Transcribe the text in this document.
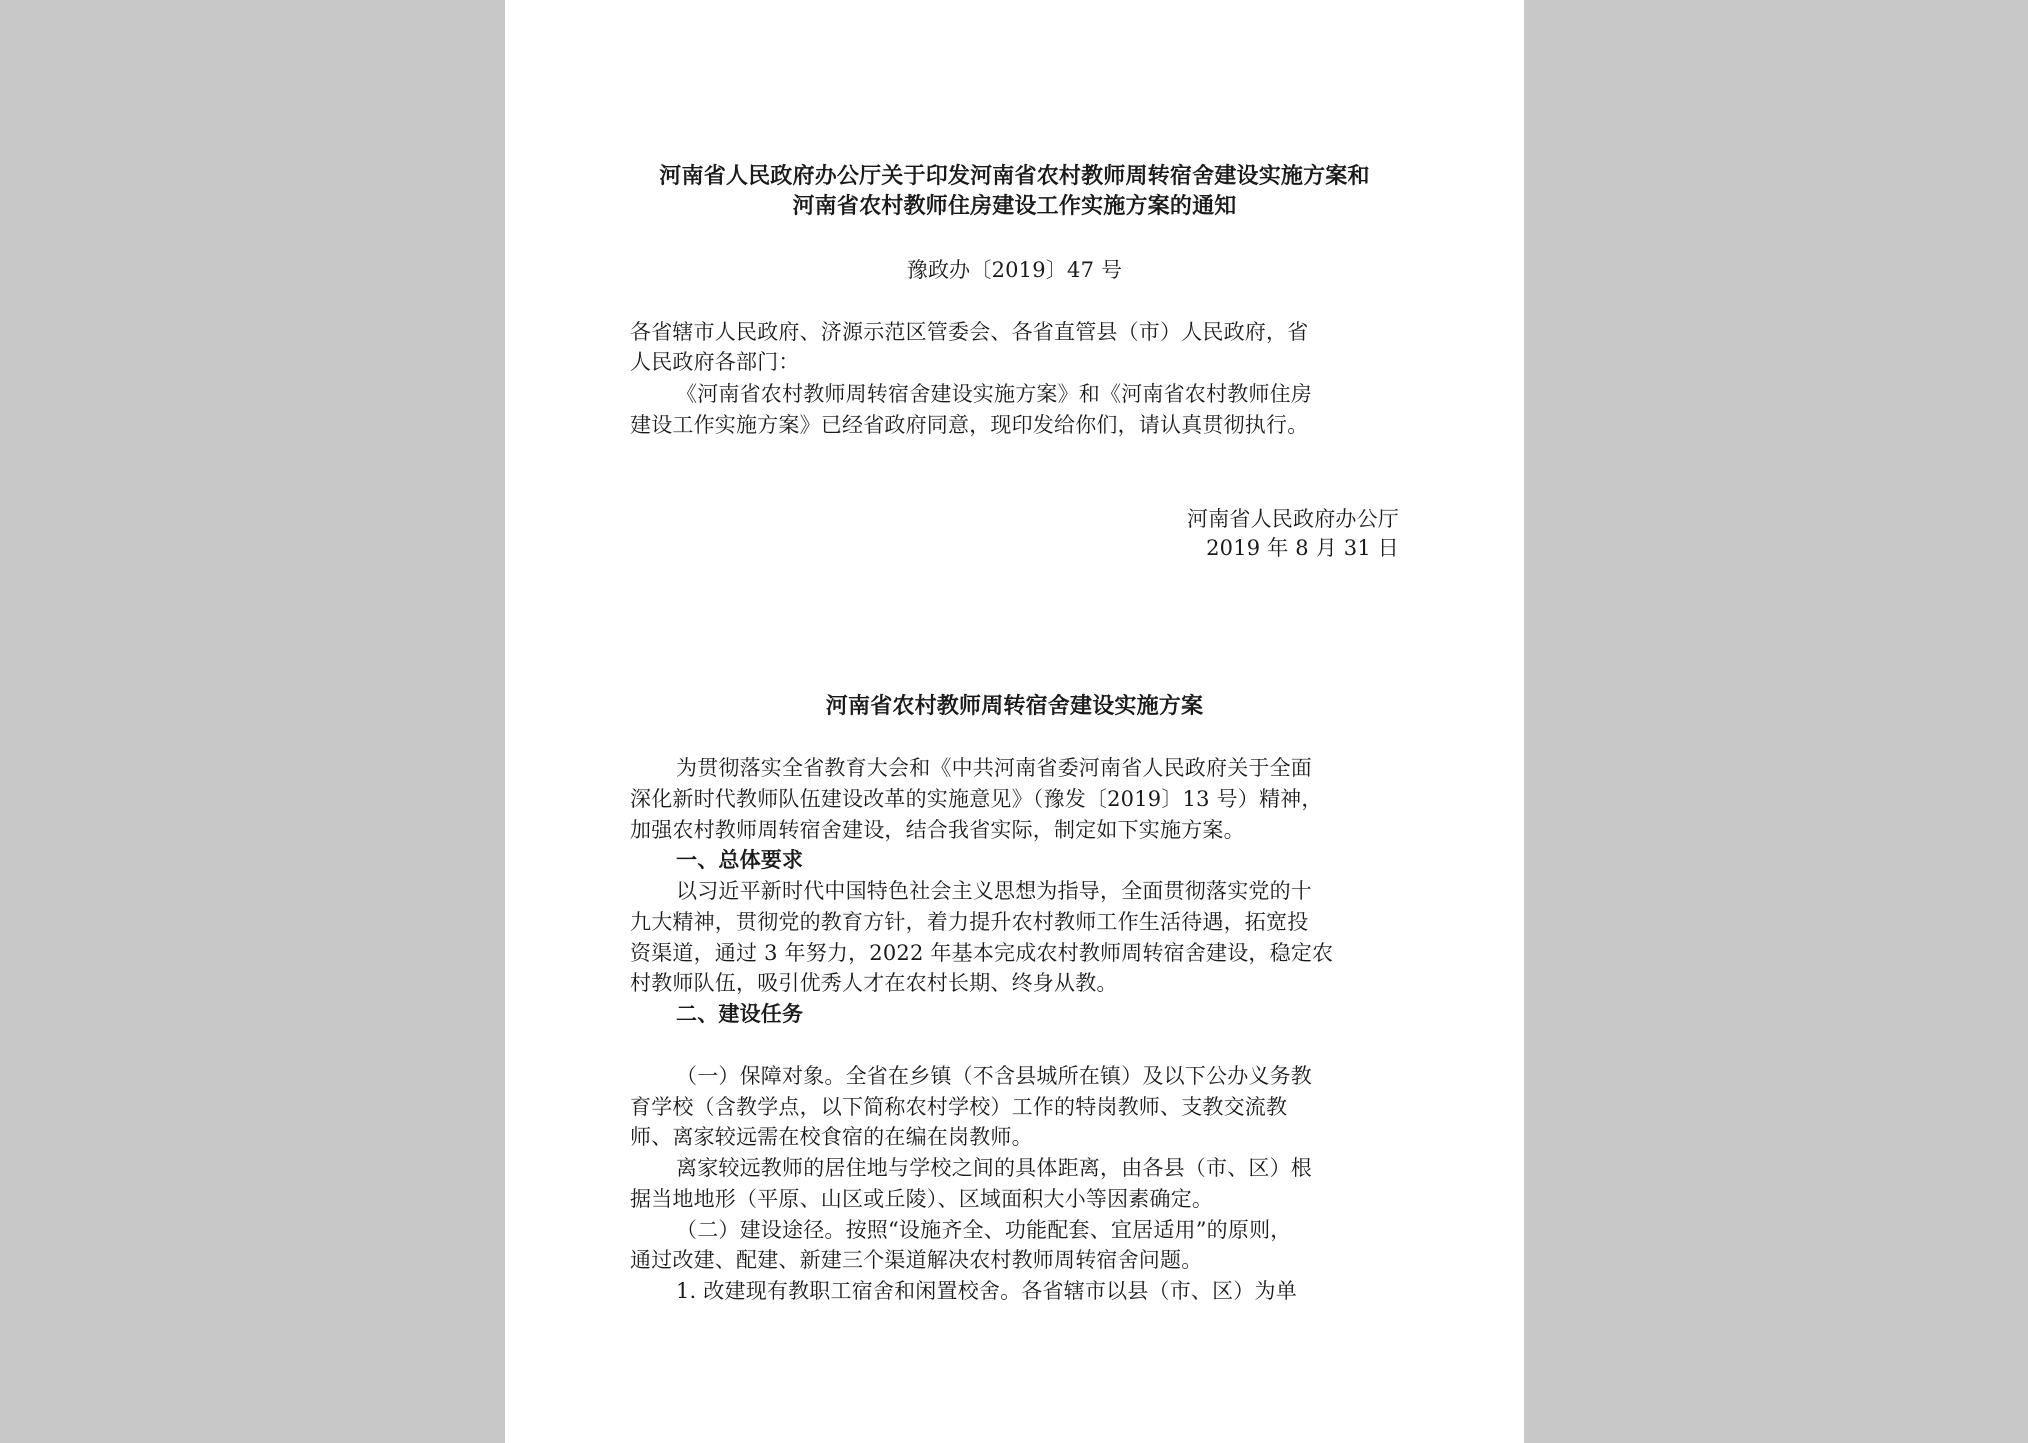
河南省人民政府办公厅关于印发河南省农村教师周转宿舍建设实施方案和
河南省农村教师住房建设工作实施方案的通知
豫政办〔2019〕47 号
各省辖市人民政府、济源示范区管委会、各省直管县（市）人民政府，省
人民政府各部门：
《河南省农村教师周转宿舍建设实施方案》和《河南省农村教师住房
建设工作实施方案》已经省政府同意，现印发给你们，请认真贯彻执行。
河南省人民政府办公厅
2019 年 8 月 31 日
河南省农村教师周转宿舍建设实施方案
为贯彻落实全省教育大会和《中共河南省委河南省人民政府关于全面
深化新时代教师队伍建设改革的实施意见》（豫发〔2019〕13 号）精神，
加强农村教师周转宿舍建设，结合我省实际，制定如下实施方案。
一、总体要求
以习近平新时代中国特色社会主义思想为指导，全面贯彻落实党的十
九大精神，贯彻党的教育方针，着力提升农村教师工作生活待遇，拓宽投
资渠道，通过 3 年努力，2022 年基本完成农村教师周转宿舍建设，稳定农
村教师队伍，吸引优秀人才在农村长期、终身从教。
二、建设任务
（一）保障对象。全省在乡镇（不含县城所在镇）及以下公办义务教
育学校（含教学点，以下简称农村学校）工作的特岗教师、支教交流教
师、离家较远需在校食宿的在编在岗教师。
离家较远教师的居住地与学校之间的具体距离，由各县（市、区）根
据当地地形（平原、山区或丘陵）、区域面积大小等因素确定。
（二）建设途径。按照“设施齐全、功能配套、宜居适用”的原则，
通过改建、配建、新建三个渠道解决农村教师周转宿舍问题。
1. 改建现有教职工宿舍和闲置校舍。各省辖市以县（市、区）为单
